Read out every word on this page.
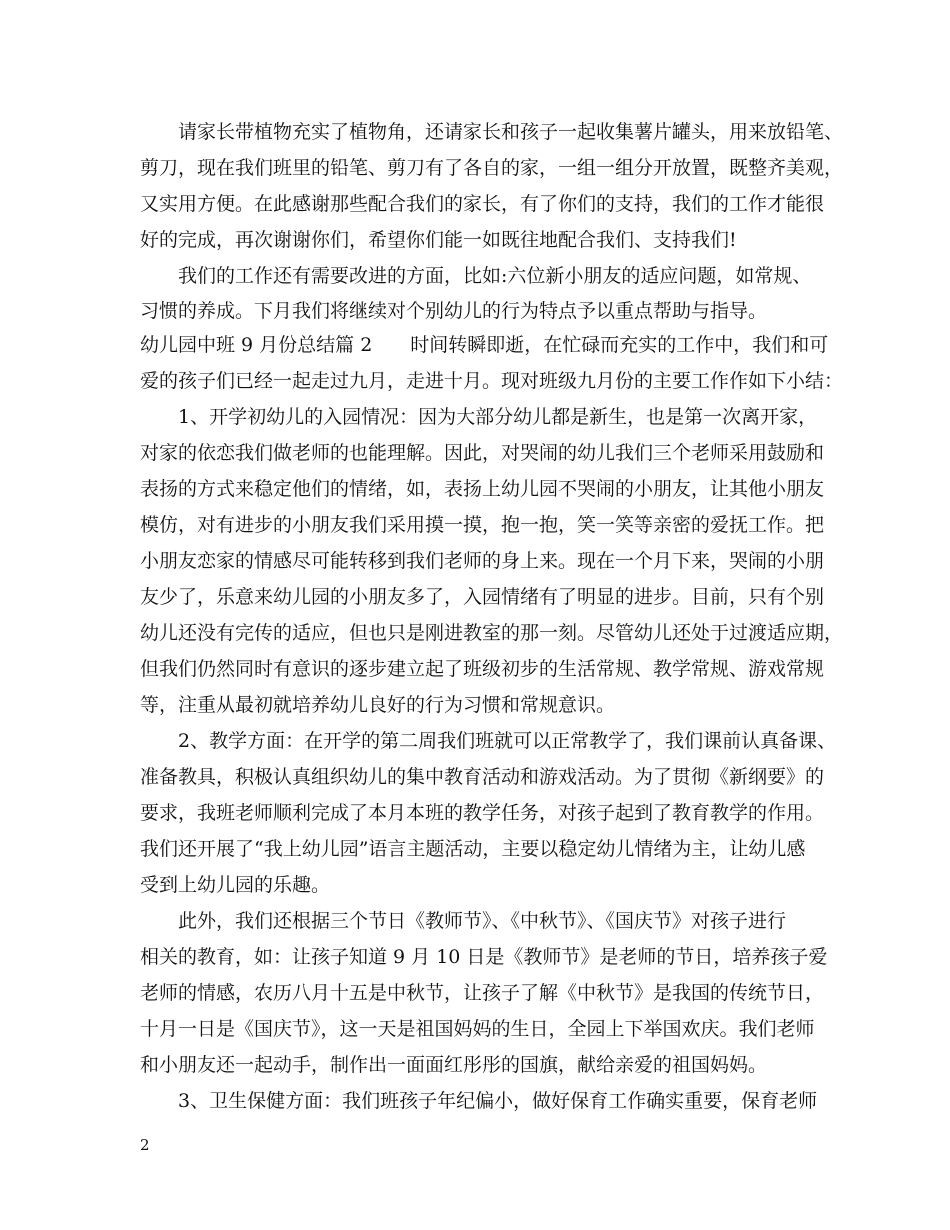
请家长带植物充实了植物角，还请家长和孩子一起收集薯片罐头，用来放铅笔、
剪刀，现在我们班里的铅笔、剪刀有了各自的家，一组一组分开放置，既整齐美观，
又实用方便。在此感谢那些配合我们的家长，有了你们的支持，我们的工作才能很
好的完成，再次谢谢你们，希望你们能一如既往地配合我们、支持我们!
我们的工作还有需要改进的方面，比如:六位新小朋友的适应问题，如常规、
习惯的养成。下月我们将继续对个别幼儿的行为特点予以重点帮助与指导。
幼儿园中班 9 月份总结篇 2　　时间转瞬即逝，在忙碌而充实的工作中，我们和可
爱的孩子们已经一起走过九月，走进十月。现对班级九月份的主要工作作如下小结：
1、开学初幼儿的入园情况：因为大部分幼儿都是新生，也是第一次离开家，
对家的依恋我们做老师的也能理解。因此，对哭闹的幼儿我们三个老师采用鼓励和
表扬的方式来稳定他们的情绪，如，表扬上幼儿园不哭闹的小朋友，让其他小朋友
模仿，对有进步的小朋友我们采用摸一摸，抱一抱，笑一笑等亲密的爱抚工作。把
小朋友恋家的情感尽可能转移到我们老师的身上来。现在一个月下来，哭闹的小朋
友少了，乐意来幼儿园的小朋友多了，入园情绪有了明显的进步。目前，只有个别
幼儿还没有完传的适应，但也只是刚进教室的那一刻。尽管幼儿还处于过渡适应期，
但我们仍然同时有意识的逐步建立起了班级初步的生活常规、教学常规、游戏常规
等，注重从最初就培养幼儿良好的行为习惯和常规意识。
2、教学方面：在开学的第二周我们班就可以正常教学了，我们课前认真备课、
准备教具，积极认真组织幼儿的集中教育活动和游戏活动。为了贯彻《新纲要》的
要求，我班老师顺利完成了本月本班的教学任务，对孩子起到了教育教学的作用。
我们还开展了“我上幼儿园”语言主题活动，主要以稳定幼儿情绪为主，让幼儿感
受到上幼儿园的乐趣。
此外，我们还根据三个节日《教师节》、《中秋节》、《国庆节》对孩子进行
相关的教育，如：让孩子知道 9 月 10 日是《教师节》是老师的节日，培养孩子爱
老师的情感，农历八月十五是中秋节，让孩子了解《中秋节》是我国的传统节日，
十月一日是《国庆节》，这一天是祖国妈妈的生日，全园上下举国欢庆。我们老师
和小朋友还一起动手，制作出一面面红彤彤的国旗，献给亲爱的祖国妈妈。
3、卫生保健方面：我们班孩子年纪偏小，做好保育工作确实重要，保育老师
2
